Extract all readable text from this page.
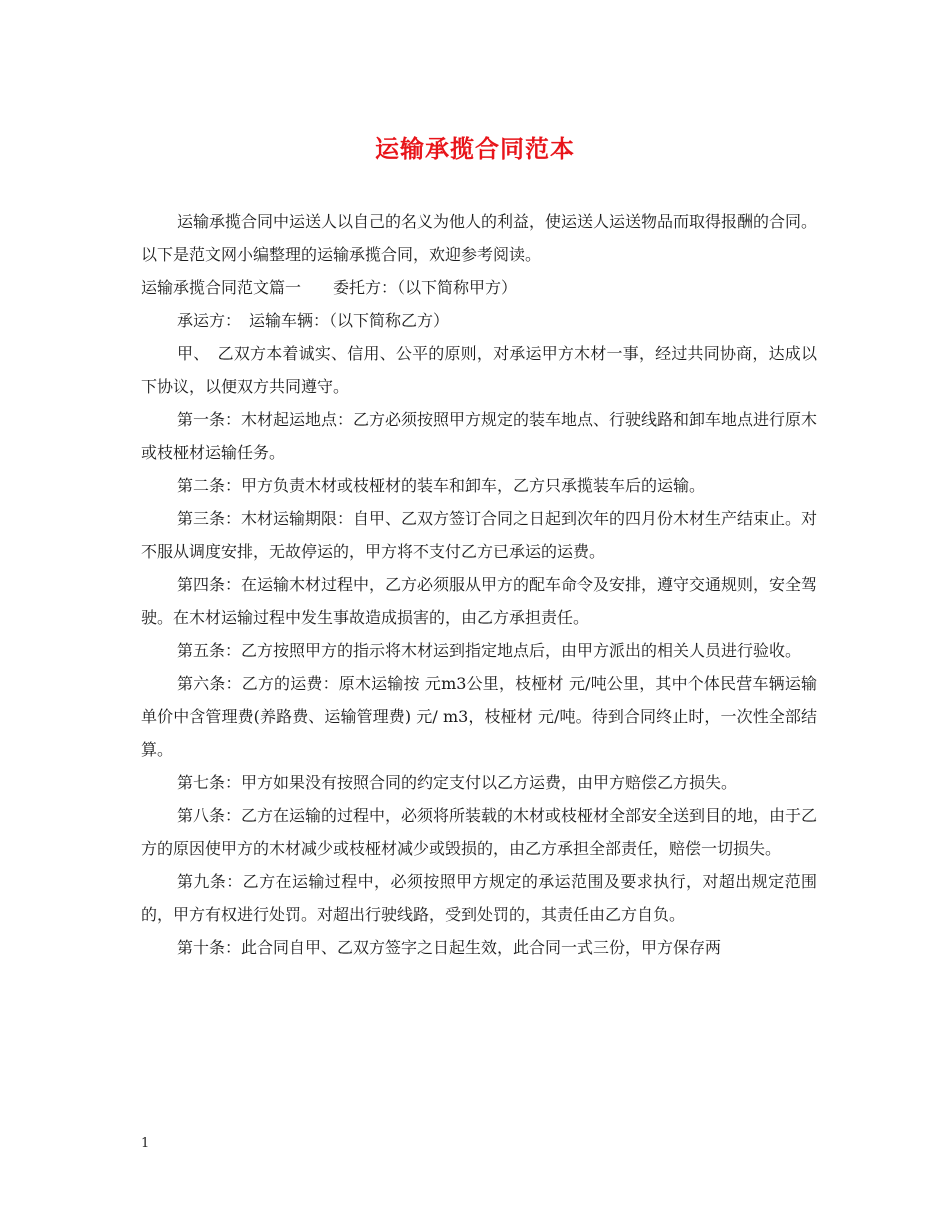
运输承揽合同范本

运输承揽合同中运送人以自己的名义为他人的利益，使运送人运送物品而取得报酬的合同。以下是范文网小编整理的运输承揽合同，欢迎参考阅读。

运输承揽合同范文篇一　　委托方：（以下简称甲方）

承运方：　运输车辆：（以下简称乙方）

甲、　乙双方本着诚实、信用、公平的原则，对承运甲方木材一事，经过共同协商，达成以下协议，以便双方共同遵守。

第一条：木材起运地点：乙方必须按照甲方规定的装车地点、行驶线路和卸车地点进行原木或枝桠材运输任务。

第二条：甲方负责木材或枝桠材的装车和卸车，乙方只承揽装车后的运输。

第三条：木材运输期限：自甲、乙双方签订合同之日起到次年的四月份木材生产结束止。对不服从调度安排，无故停运的，甲方将不支付乙方已承运的运费。

第四条：在运输木材过程中，乙方必须服从甲方的配车命令及安排，遵守交通规则，安全驾驶。在木材运输过程中发生事故造成损害的，由乙方承担责任。

第五条：乙方按照甲方的指示将木材运到指定地点后，由甲方派出的相关人员进行验收。

第六条：乙方的运费：原木运输按 元m3公里，枝桠材 元/吨公里，其中个体民营车辆运输单价中含管理费(养路费、运输管理费) 元/ m3，枝桠材 元/吨。待到合同终止时，一次性全部结算。

第七条：甲方如果没有按照合同的约定支付以乙方运费，由甲方赔偿乙方损失。

第八条：乙方在运输的过程中，必须将所装载的木材或枝桠材全部安全送到目的地，由于乙方的原因使甲方的木材减少或枝桠材减少或毁损的，由乙方承担全部责任，赔偿一切损失。

第九条：乙方在运输过程中，必须按照甲方规定的承运范围及要求执行，对超出规定范围的，甲方有权进行处罚。对超出行驶线路，受到处罚的，其责任由乙方自负。

第十条：此合同自甲、乙双方签字之日起生效，此合同一式三份，甲方保存两

1
